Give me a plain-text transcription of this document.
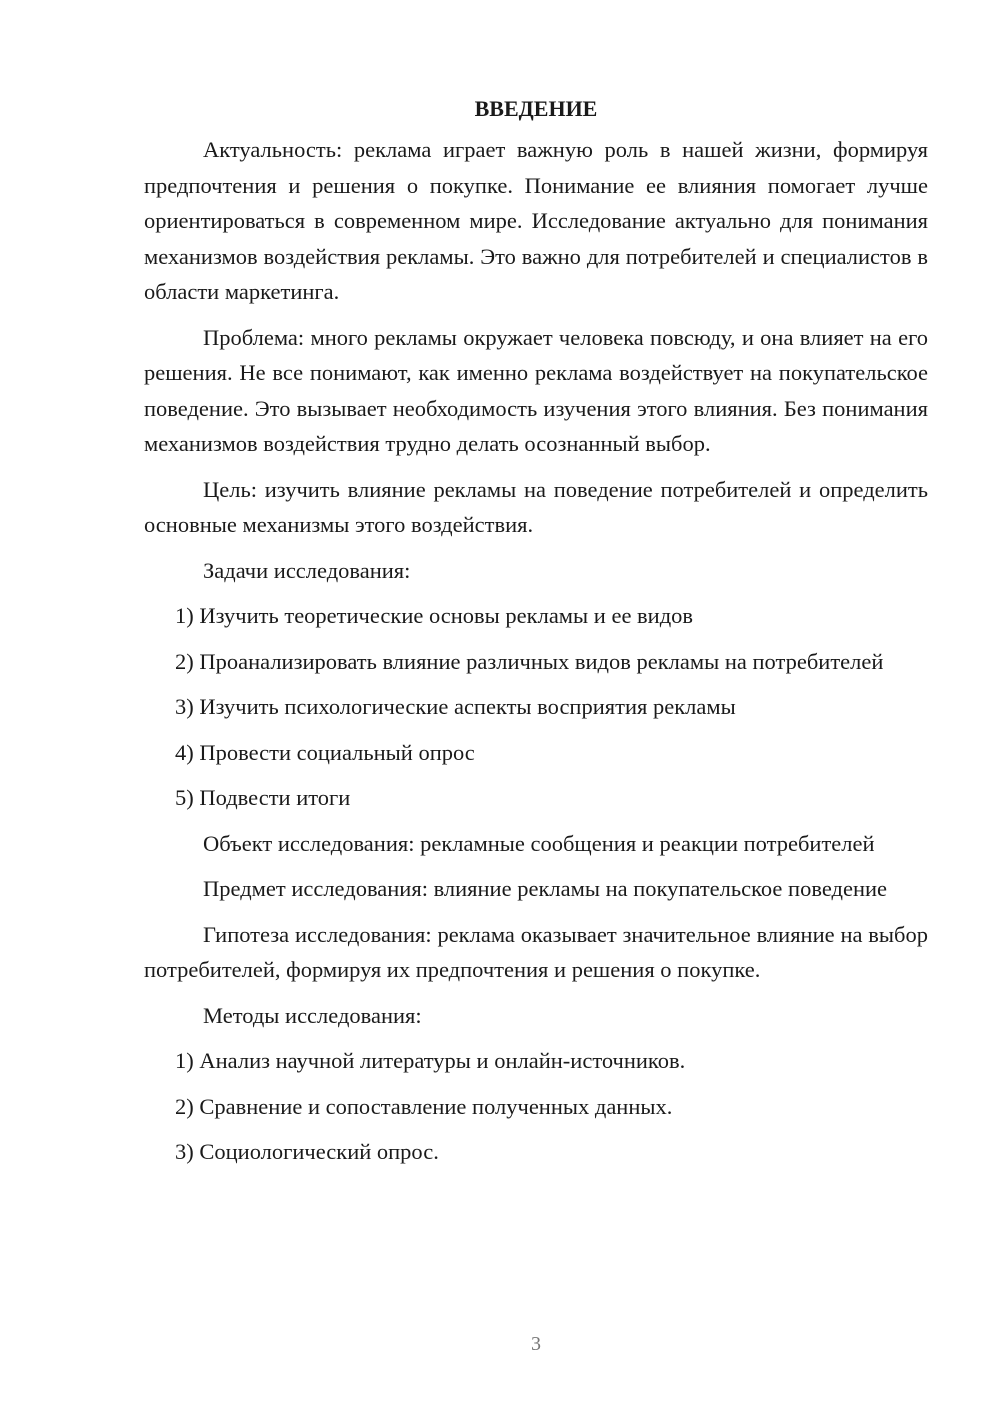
ВВЕДЕНИЕ

Актуальность: реклама играет важную роль в нашей жизни, формируя предпочтения и решения о покупке. Понимание ее влияния помогает лучше ориентироваться в современном мире. Исследование актуально для понимания механизмов воздействия рекламы. Это важно для потребителей и специалистов в области маркетинга.

Проблема: много рекламы окружает человека повсюду, и она влияет на его решения. Не все понимают, как именно реклама воздействует на покупательское поведение. Это вызывает необходимость изучения этого влияния. Без понимания механизмов воздействия трудно делать осознанный выбор.

Цель: изучить влияние рекламы на поведение потребителей и определить основные механизмы этого воздействия.

Задачи исследования:

1) Изучить теоретические основы рекламы и ее видов

2) Проанализировать влияние различных видов рекламы на потребителей

3) Изучить психологические аспекты восприятия рекламы

4) Провести социальный опрос

5) Подвести итоги

Объект исследования: рекламные сообщения и реакции потребителей

Предмет исследования: влияние рекламы на покупательское поведение

Гипотеза исследования: реклама оказывает значительное влияние на выбор потребителей, формируя их предпочтения и решения о покупке.

Методы исследования:

1) Анализ научной литературы и онлайн-источников.

2) Сравнение и сопоставление полученных данных.

3) Социологический опрос.

3
